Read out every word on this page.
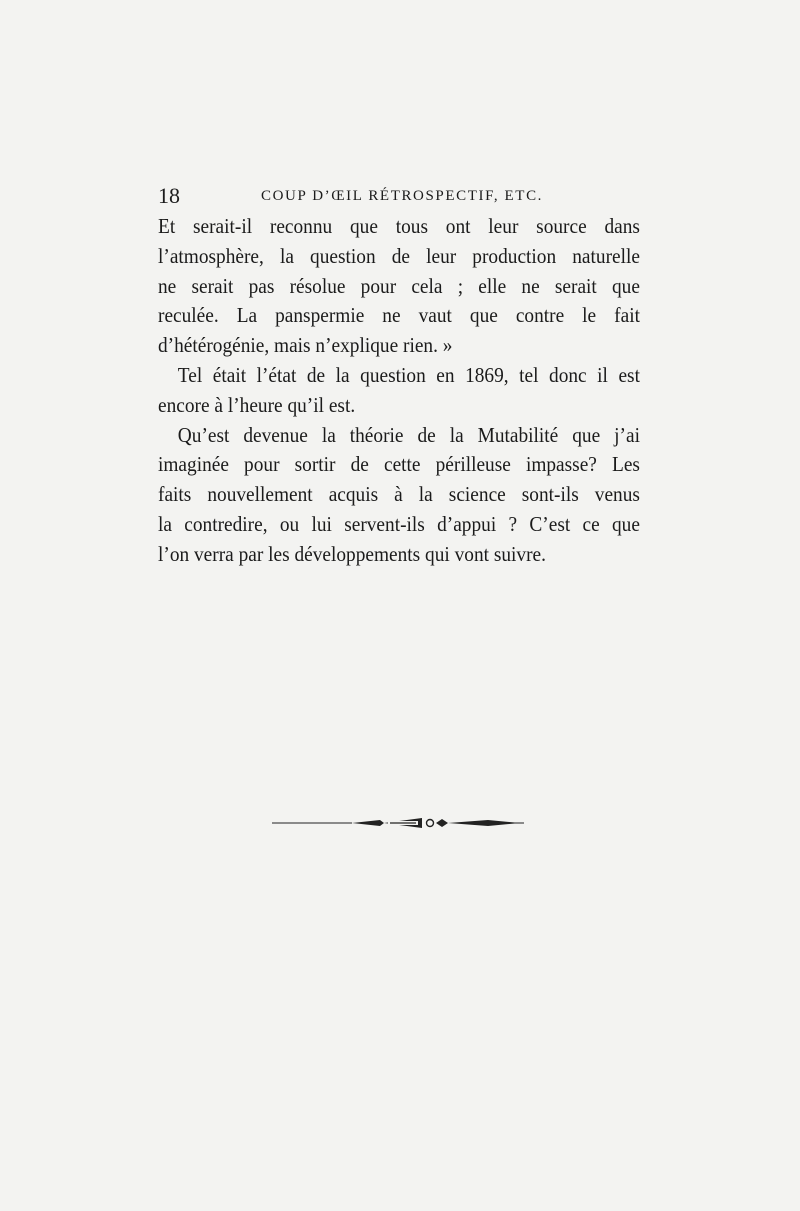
18	COUP D’ŒIL RÉTROSPECTIF, ETC.
Et serait-il reconnu que tous ont leur source dans
l’atmosphère, la question de leur production naturelle
ne serait pas résolue pour cela ; elle ne serait que
reculée. La panspermie ne vaut que contre le fait
d’hétérogénie, mais n’explique rien. »
Tel était l’état de la question en 1869, tel donc il est
encore à l’heure qu’il est.
Qu’est devenue la théorie de la Mutabilité que j’ai
imaginée pour sortir de cette périlleuse impasse? Les
faits nouvellement acquis à la science sont-ils venus
la contredire, ou lui servent-ils d’appui ? C’est ce que
l’on verra par les développements qui vont suivre.
